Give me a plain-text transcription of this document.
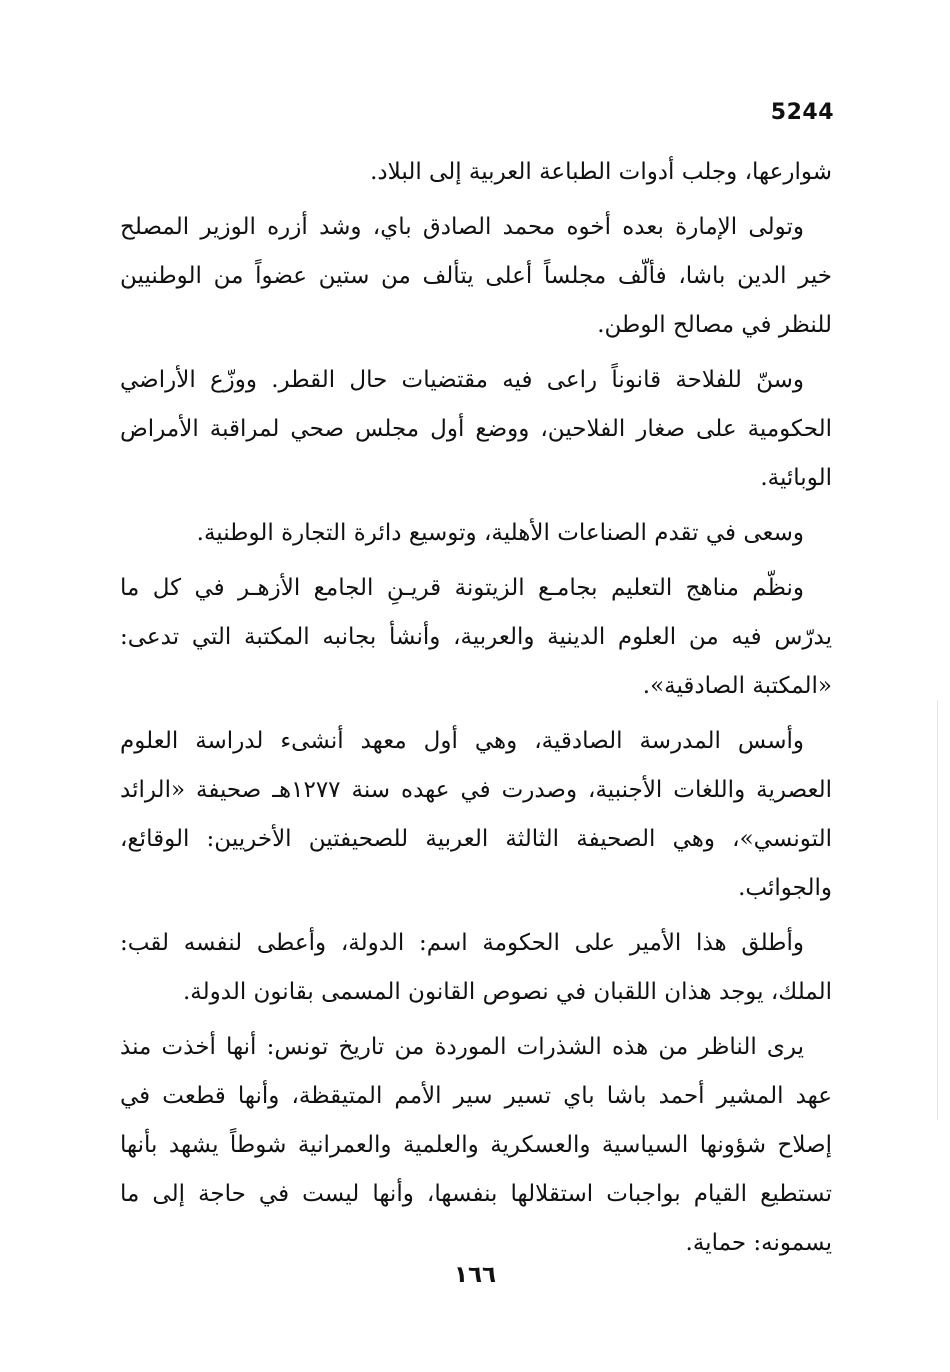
5244

شوارعها، وجلب أدوات الطباعة العربية إلى البلاد.

وتولى الإمارة بعده أخوه محمد الصادق باي، وشد أزره الوزير المصلح خير الدين باشا، فألّف مجلساً أعلى يتألف من ستين عضواً من الوطنيين للنظر في مصالح الوطن.

وسنّ للفلاحة قانوناً راعى فيه مقتضيات حال القطر. ووزّع الأراضي الحكومية على صغار الفلاحين، ووضع أول مجلس صحي لمراقبة الأمراض الوبائية.

وسعى في تقدم الصناعات الأهلية، وتوسيع دائرة التجارة الوطنية.

ونظّم مناهج التعليم بجامـع الزيتونة قريـنِ الجامع الأزهـر في كل ما يدرّس فيه من العلوم الدينية والعربية، وأنشأ بجانبه المكتبة التي تدعى: «المكتبة الصادقية».

وأسس المدرسة الصادقية، وهي أول معهد أنشىء لدراسة العلوم العصرية واللغات الأجنبية، وصدرت في عهده سنة ١٢٧٧هـ صحيفة «الرائد التونسي»، وهي الصحيفة الثالثة العربية للصحيفتين الأخريين: الوقائع، والجوائب.

وأطلق هذا الأمير على الحكومة اسم: الدولة، وأعطى لنفسه لقب: الملك، يوجد هذان اللقبان في نصوص القانون المسمى بقانون الدولة.

يرى الناظر من هذه الشذرات الموردة من تاريخ تونس: أنها أخذت منذ عهد المشير أحمد باشا باي تسير سير الأمم المتيقظة، وأنها قطعت في إصلاح شؤونها السياسية والعسكرية والعلمية والعمرانية شوطاً يشهد بأنها تستطيع القيام بواجبات استقلالها بنفسها، وأنها ليست في حاجة إلى ما يسمونه: حماية.

١٦٦
